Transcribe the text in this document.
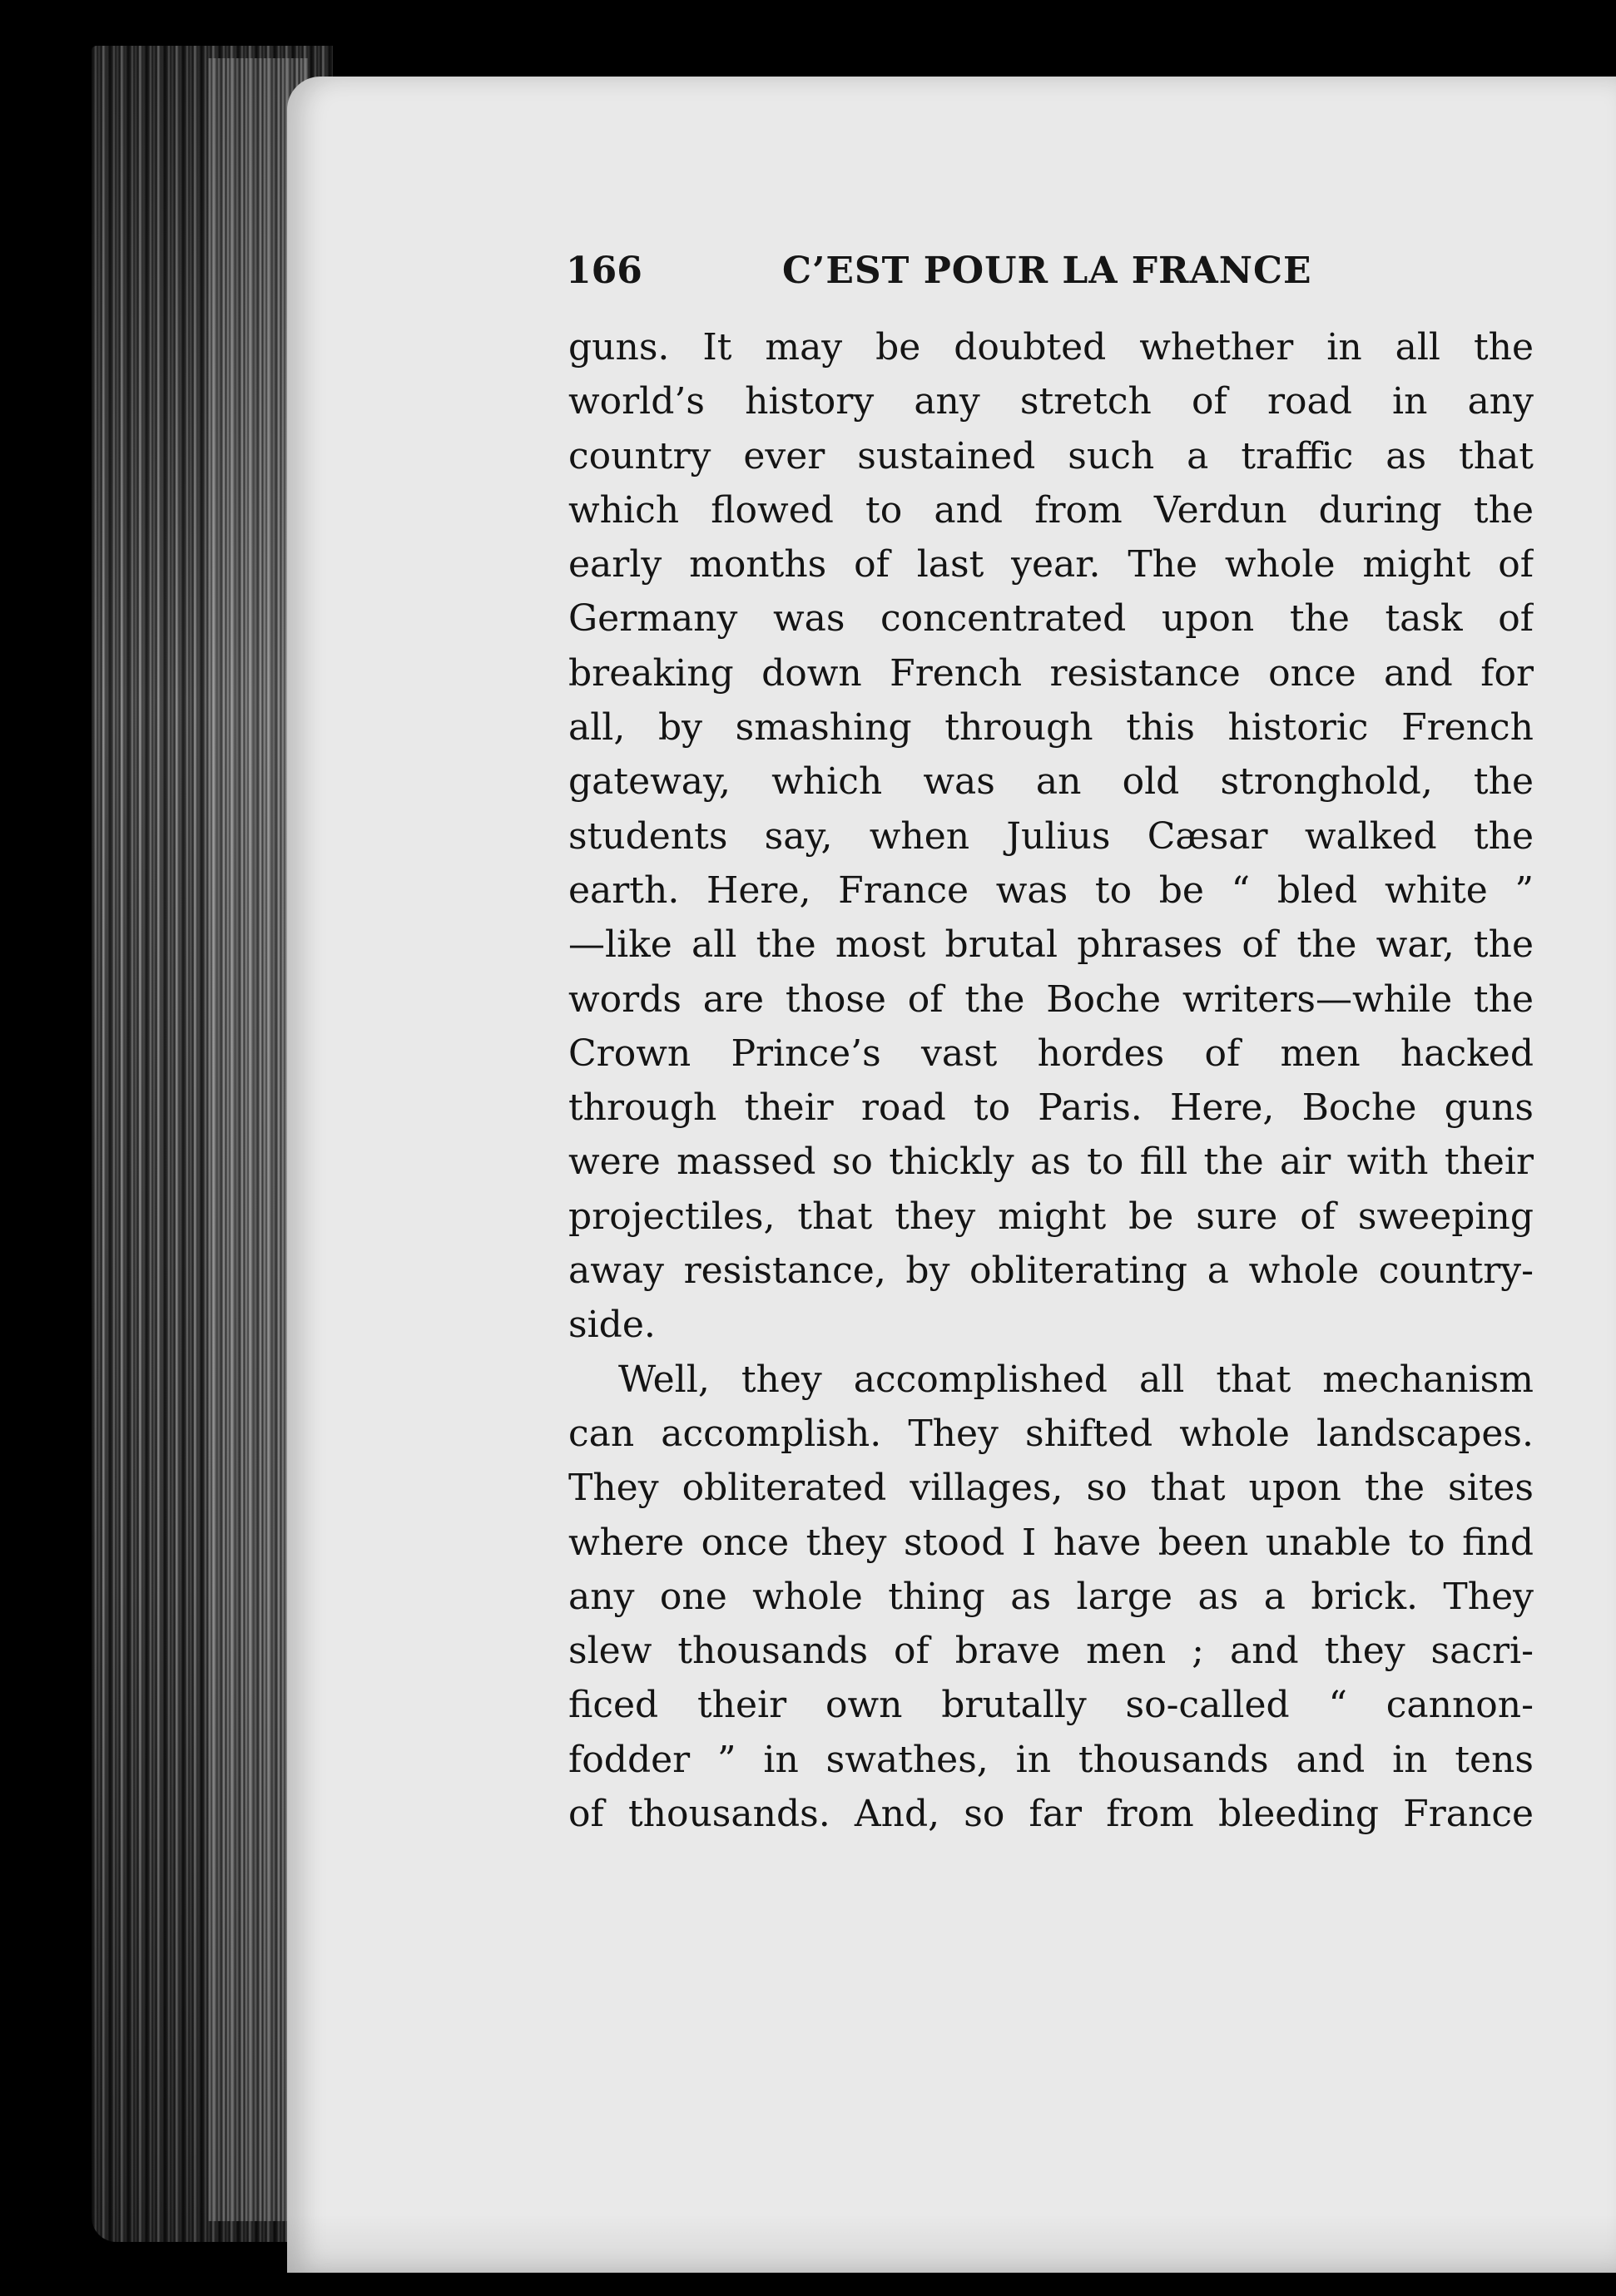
166	C’EST POUR LA FRANCE
guns. It may be doubted whether in all the
world’s history any stretch of road in any
country ever sustained such a traffic as that
which flowed to and from Verdun during the
early months of last year. The whole might of
Germany was concentrated upon the task of
breaking down French resistance once and for
all, by smashing through this historic French
gateway, which was an old stronghold, the
students say, when Julius Cæsar walked the
earth. Here, France was to be “ bled white ”
—like all the most brutal phrases of the war, the
words are those of the Boche writers—while the
Crown Prince’s vast hordes of men hacked
through their road to Paris. Here, Boche guns
were massed so thickly as to fill the air with their
projectiles, that they might be sure of sweeping
away resistance, by obliterating a whole country-
side.
Well, they accomplished all that mechanism
can accomplish. They shifted whole landscapes.
They obliterated villages, so that upon the sites
where once they stood I have been unable to find
any one whole thing as large as a brick. They
slew thousands of brave men ; and they sacri-
ficed their own brutally so-called “ cannon-
fodder ” in swathes, in thousands and in tens
of thousands. And, so far from bleeding France
